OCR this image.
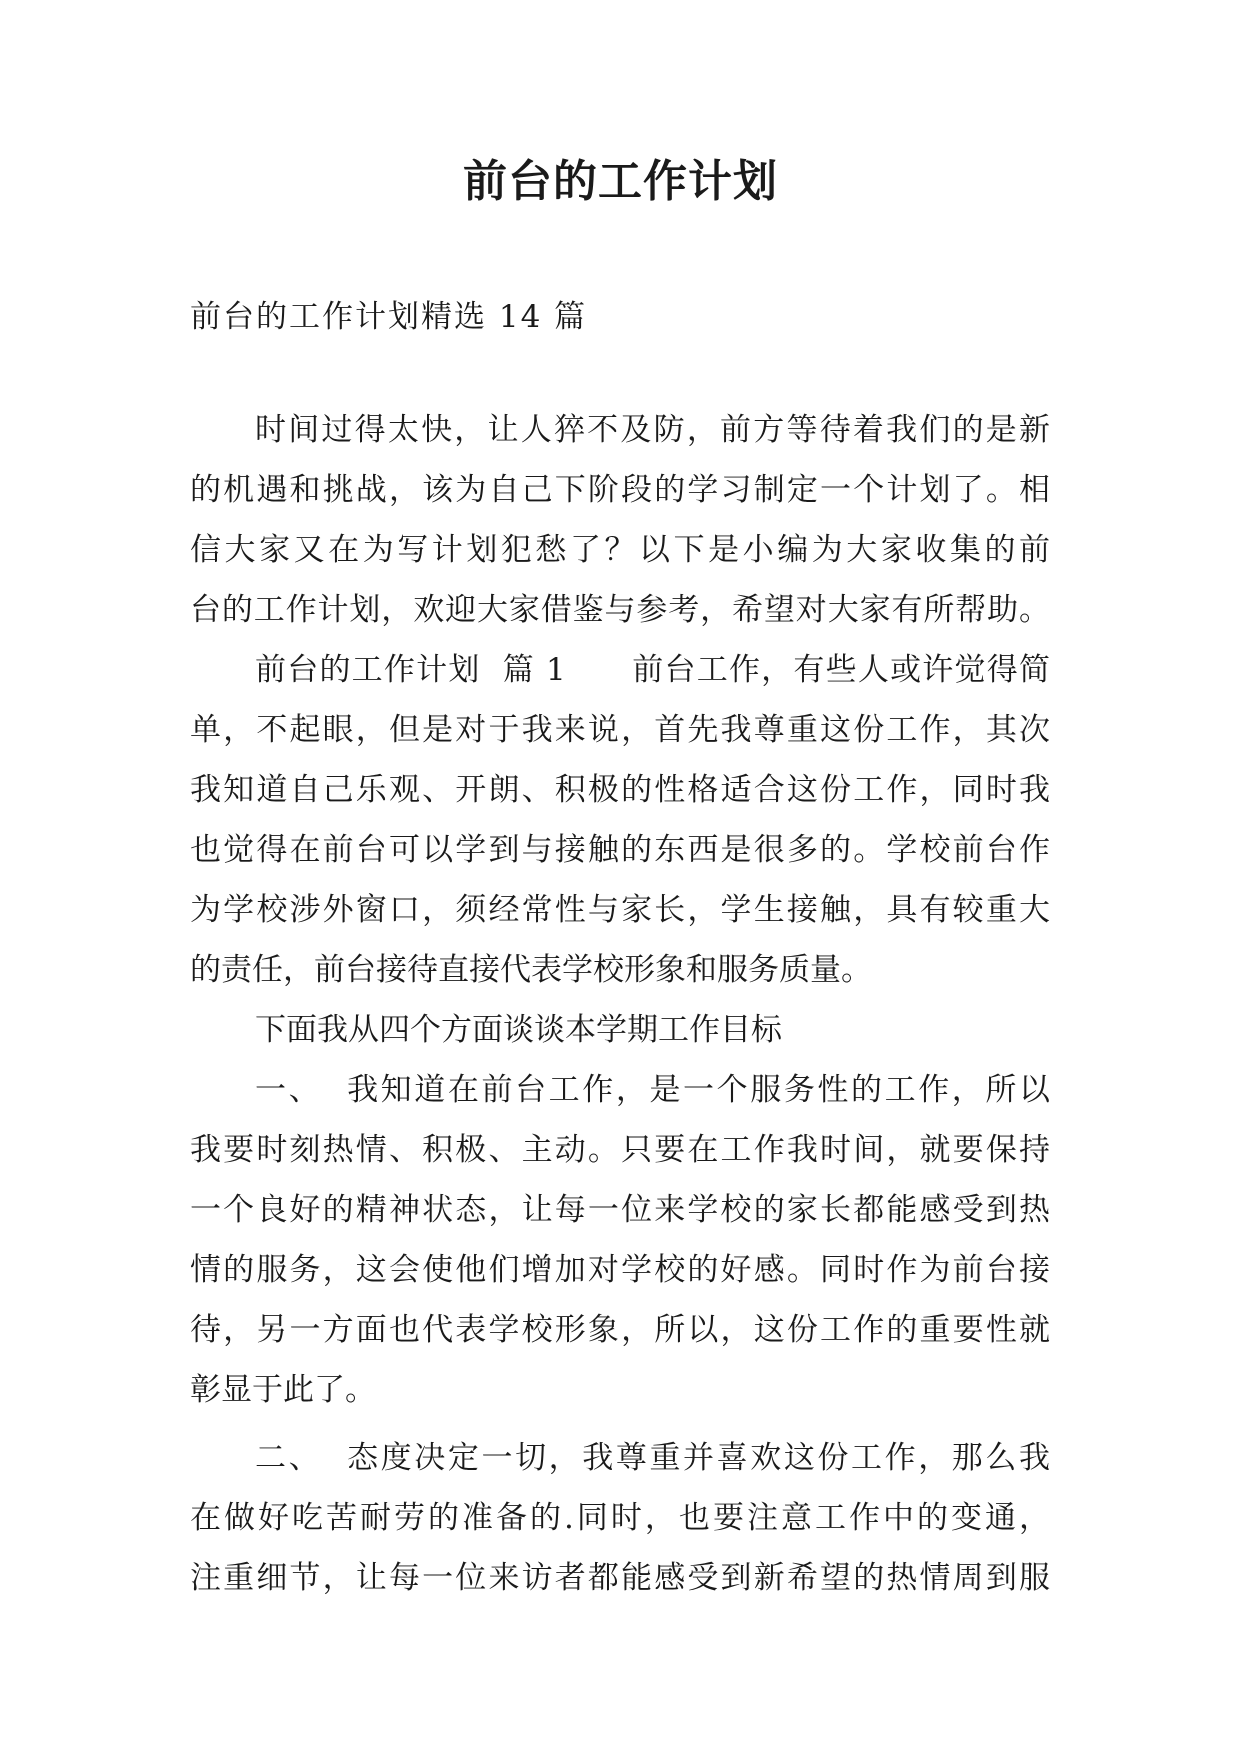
前台的工作计划
前台的工作计划精选 14 篇
时间过得太快，让人猝不及防，前方等待着我们的是新
的机遇和挑战，该为自己下阶段的学习制定一个计划了。相
信大家又在为写计划犯愁了？以下是小编为大家收集的前
台的工作计划，欢迎大家借鉴与参考，希望对大家有所帮助。
前台的工作计划  篇 1      前台工作，有些人或许觉得简
单，不起眼，但是对于我来说，首先我尊重这份工作，其次
我知道自己乐观、开朗、积极的性格适合这份工作，同时我
也觉得在前台可以学到与接触的东西是很多的。学校前台作
为学校涉外窗口，须经常性与家长，学生接触，具有较重大
的责任，前台接待直接代表学校形象和服务质量。
下面我从四个方面谈谈本学期工作目标
一、  我知道在前台工作，是一个服务性的工作，所以
我要时刻热情、积极、主动。只要在工作我时间，就要保持
一个良好的精神状态，让每一位来学校的家长都能感受到热
情的服务，这会使他们增加对学校的好感。同时作为前台接
待，另一方面也代表学校形象，所以，这份工作的重要性就
彰显于此了。
二、  态度决定一切，我尊重并喜欢这份工作，那么我
在做好吃苦耐劳的准备的.同时，也要注意工作中的变通，
注重细节，让每一位来访者都能感受到新希望的热情周到服
